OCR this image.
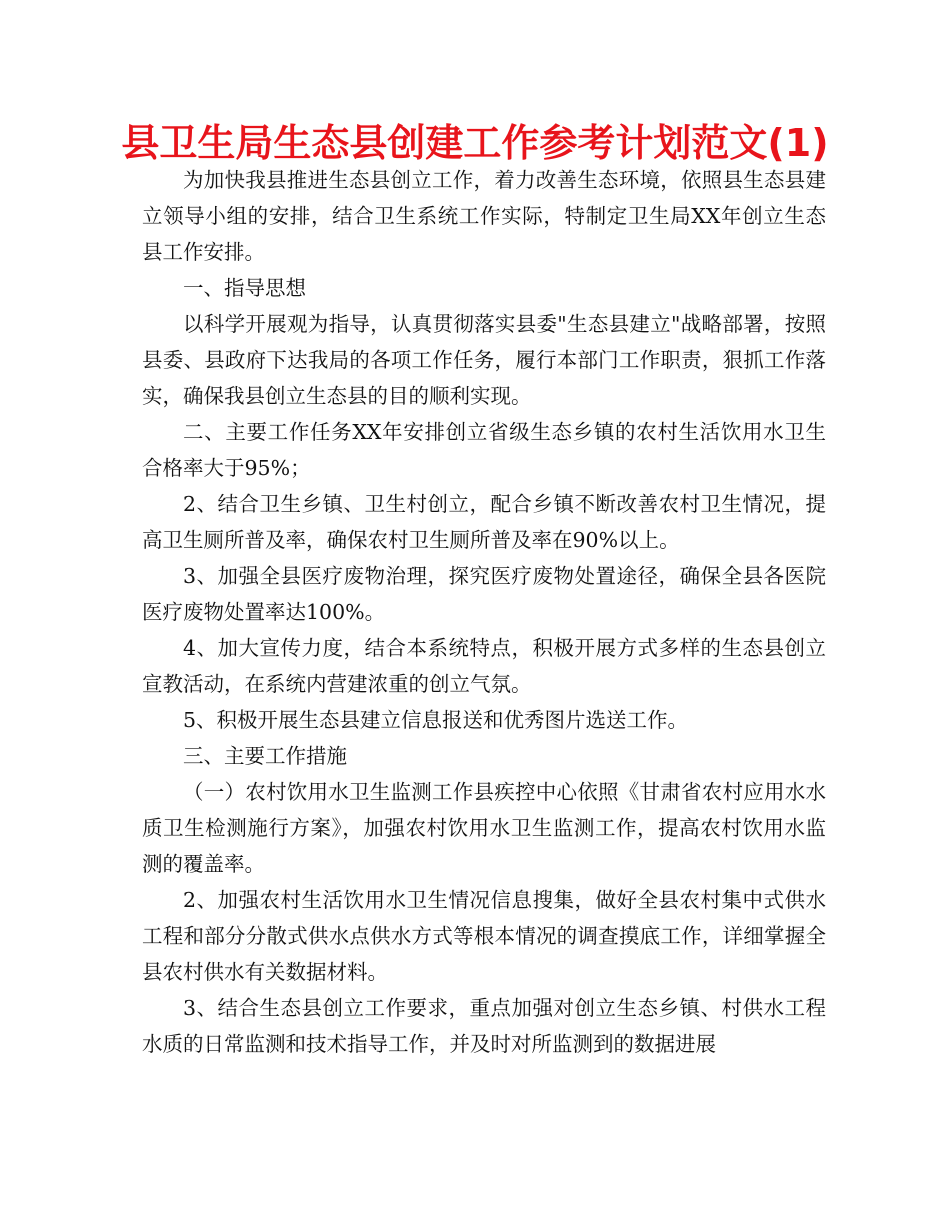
县卫生局生态县创建工作参考计划范文(1)

为加快我县推进生态县创立工作，着力改善生态环境，依照县生态县建立领导小组的安排，结合卫生系统工作实际，特制定卫生局XX年创立生态县工作安排。

一、指导思想

以科学开展观为指导，认真贯彻落实县委"生态县建立"战略部署，按照县委、县政府下达我局的各项工作任务，履行本部门工作职责，狠抓工作落实，确保我县创立生态县的目的顺利实现。

二、主要工作任务XX年安排创立省级生态乡镇的农村生活饮用水卫生合格率大于95%；

2、结合卫生乡镇、卫生村创立，配合乡镇不断改善农村卫生情况，提高卫生厕所普及率，确保农村卫生厕所普及率在90%以上。

3、加强全县医疗废物治理，探究医疗废物处置途径，确保全县各医院医疗废物处置率达100%。

4、加大宣传力度，结合本系统特点，积极开展方式多样的生态县创立宣教活动，在系统内营建浓重的创立气氛。

5、积极开展生态县建立信息报送和优秀图片选送工作。

三、主要工作措施

（一）农村饮用水卫生监测工作县疾控中心依照《甘肃省农村应用水水质卫生检测施行方案》，加强农村饮用水卫生监测工作，提高农村饮用水监测的覆盖率。

2、加强农村生活饮用水卫生情况信息搜集，做好全县农村集中式供水工程和部分分散式供水点供水方式等根本情况的调查摸底工作，详细掌握全县农村供水有关数据材料。

3、结合生态县创立工作要求，重点加强对创立生态乡镇、村供水工程水质的日常监测和技术指导工作，并及时对所监测到的数据进展
